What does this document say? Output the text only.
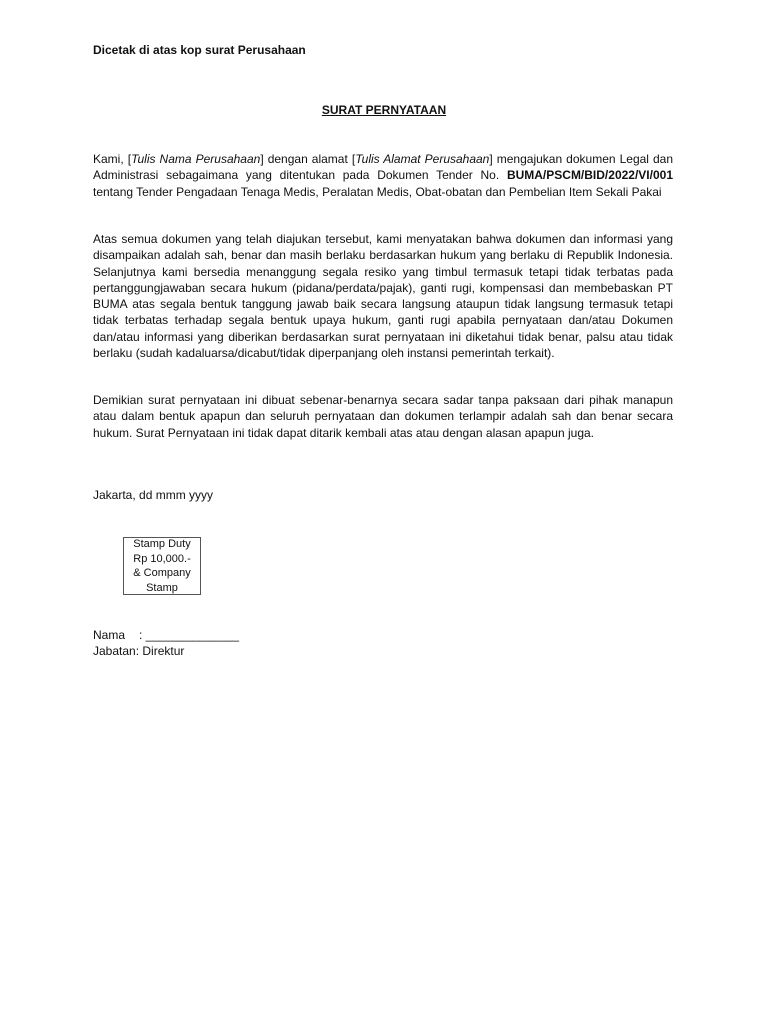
Dicetak di atas kop surat Perusahaan
SURAT PERNYATAAN
Kami, [Tulis Nama Perusahaan] dengan alamat [Tulis Alamat Perusahaan] mengajukan dokumen Legal dan Administrasi sebagaimana yang ditentukan pada Dokumen Tender No. BUMA/PSCM/BID/2022/VI/001 tentang Tender Pengadaan Tenaga Medis, Peralatan Medis, Obat-obatan dan Pembelian Item Sekali Pakai
Atas semua dokumen yang telah diajukan tersebut, kami menyatakan bahwa dokumen dan informasi yang disampaikan adalah sah, benar dan masih berlaku berdasarkan hukum yang berlaku di Republik Indonesia. Selanjutnya kami bersedia menanggung segala resiko yang timbul termasuk tetapi tidak terbatas pada pertanggungjawaban secara hukum (pidana/perdata/pajak), ganti rugi, kompensasi dan membebaskan PT BUMA atas segala bentuk tanggung jawab baik secara langsung ataupun tidak langsung termasuk tetapi tidak terbatas terhadap segala bentuk upaya hukum, ganti rugi apabila pernyataan dan/atau Dokumen dan/atau informasi yang diberikan berdasarkan surat pernyataan ini diketahui tidak benar, palsu atau tidak berlaku (sudah kadaluarsa/dicabut/tidak diperpanjang oleh instansi pemerintah terkait).
Demikian surat pernyataan ini dibuat sebenar-benarnya secara sadar tanpa paksaan dari pihak manapun atau dalam bentuk apapun dan seluruh pernyataan dan dokumen terlampir adalah sah dan benar secara hukum. Surat Pernyataan ini tidak dapat ditarik kembali atas atau dengan alasan apapun juga.
Jakarta, dd mmm yyyy
Stamp Duty
Rp 10,000.-
& Company
Stamp
Nama : ______________
Jabatan: Direktur
